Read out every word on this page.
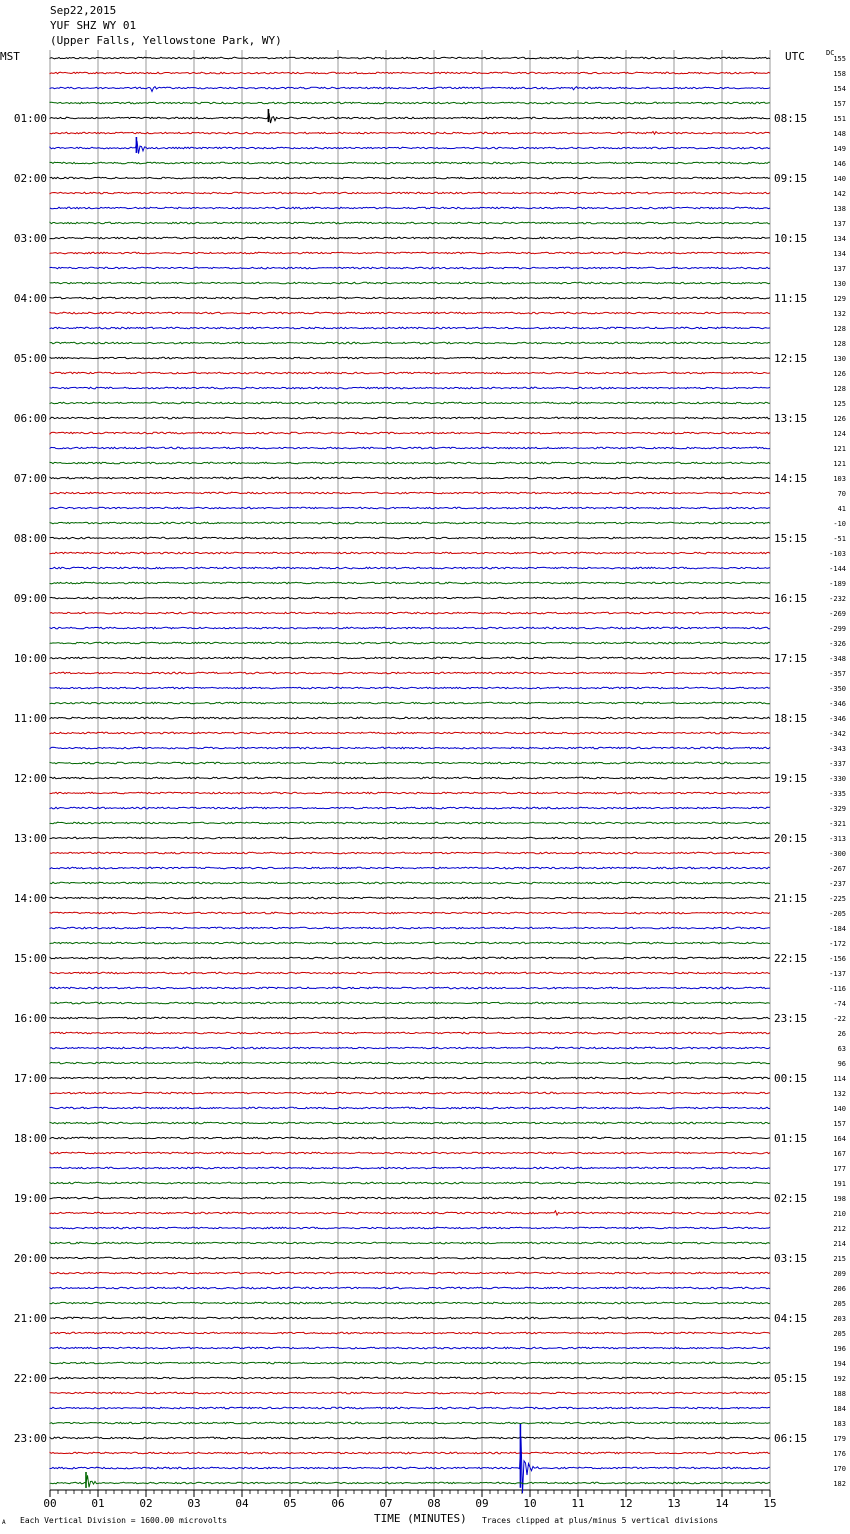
Sep22,2015
YUF SHZ WY 01
(Upper Falls, Yellowstone Park, WY)
MST	UTC	DC
00	01	02	03	04	05	06	07	08	09	10	11	12	13	14	15
155
158
154
157
151
01:00	08:15
148
149
146
140
02:00	09:15
142
138
137
134
03:00	10:15
134
137
130
129
04:00	11:15
132
128
128
130
05:00	12:15
126
128
125
126
06:00	13:15
124
121
121
103
07:00	14:15
70
41
-10
-51
08:00	15:15
-103
-144
-189
-232
09:00	16:15
-269
-299
-326
-348
10:00	17:15
-357
-350
-346
-346
11:00	18:15
-342
-343
-337
-330
12:00	19:15
-335
-329
-321
-313
13:00	20:15
-300
-267
-237
-225
14:00	21:15
-205
-184
-172
-156
15:00	22:15
-137
-116
-74
-22
16:00	23:15
26
63
96
114
17:00	00:15
132
140
157
164
18:00	01:15
167
177
191
198
19:00	02:15
210
212
214
215
20:00	03:15
209
206
205
203
21:00	04:15
205
196
194
192
22:00	05:15
188
184
183
179
23:00	06:15
176
170
182
A Each Vertical Division = 1600.00 microvolts	TIME (MINUTES) Traces clipped at plus/minus 5 vertical divisions
